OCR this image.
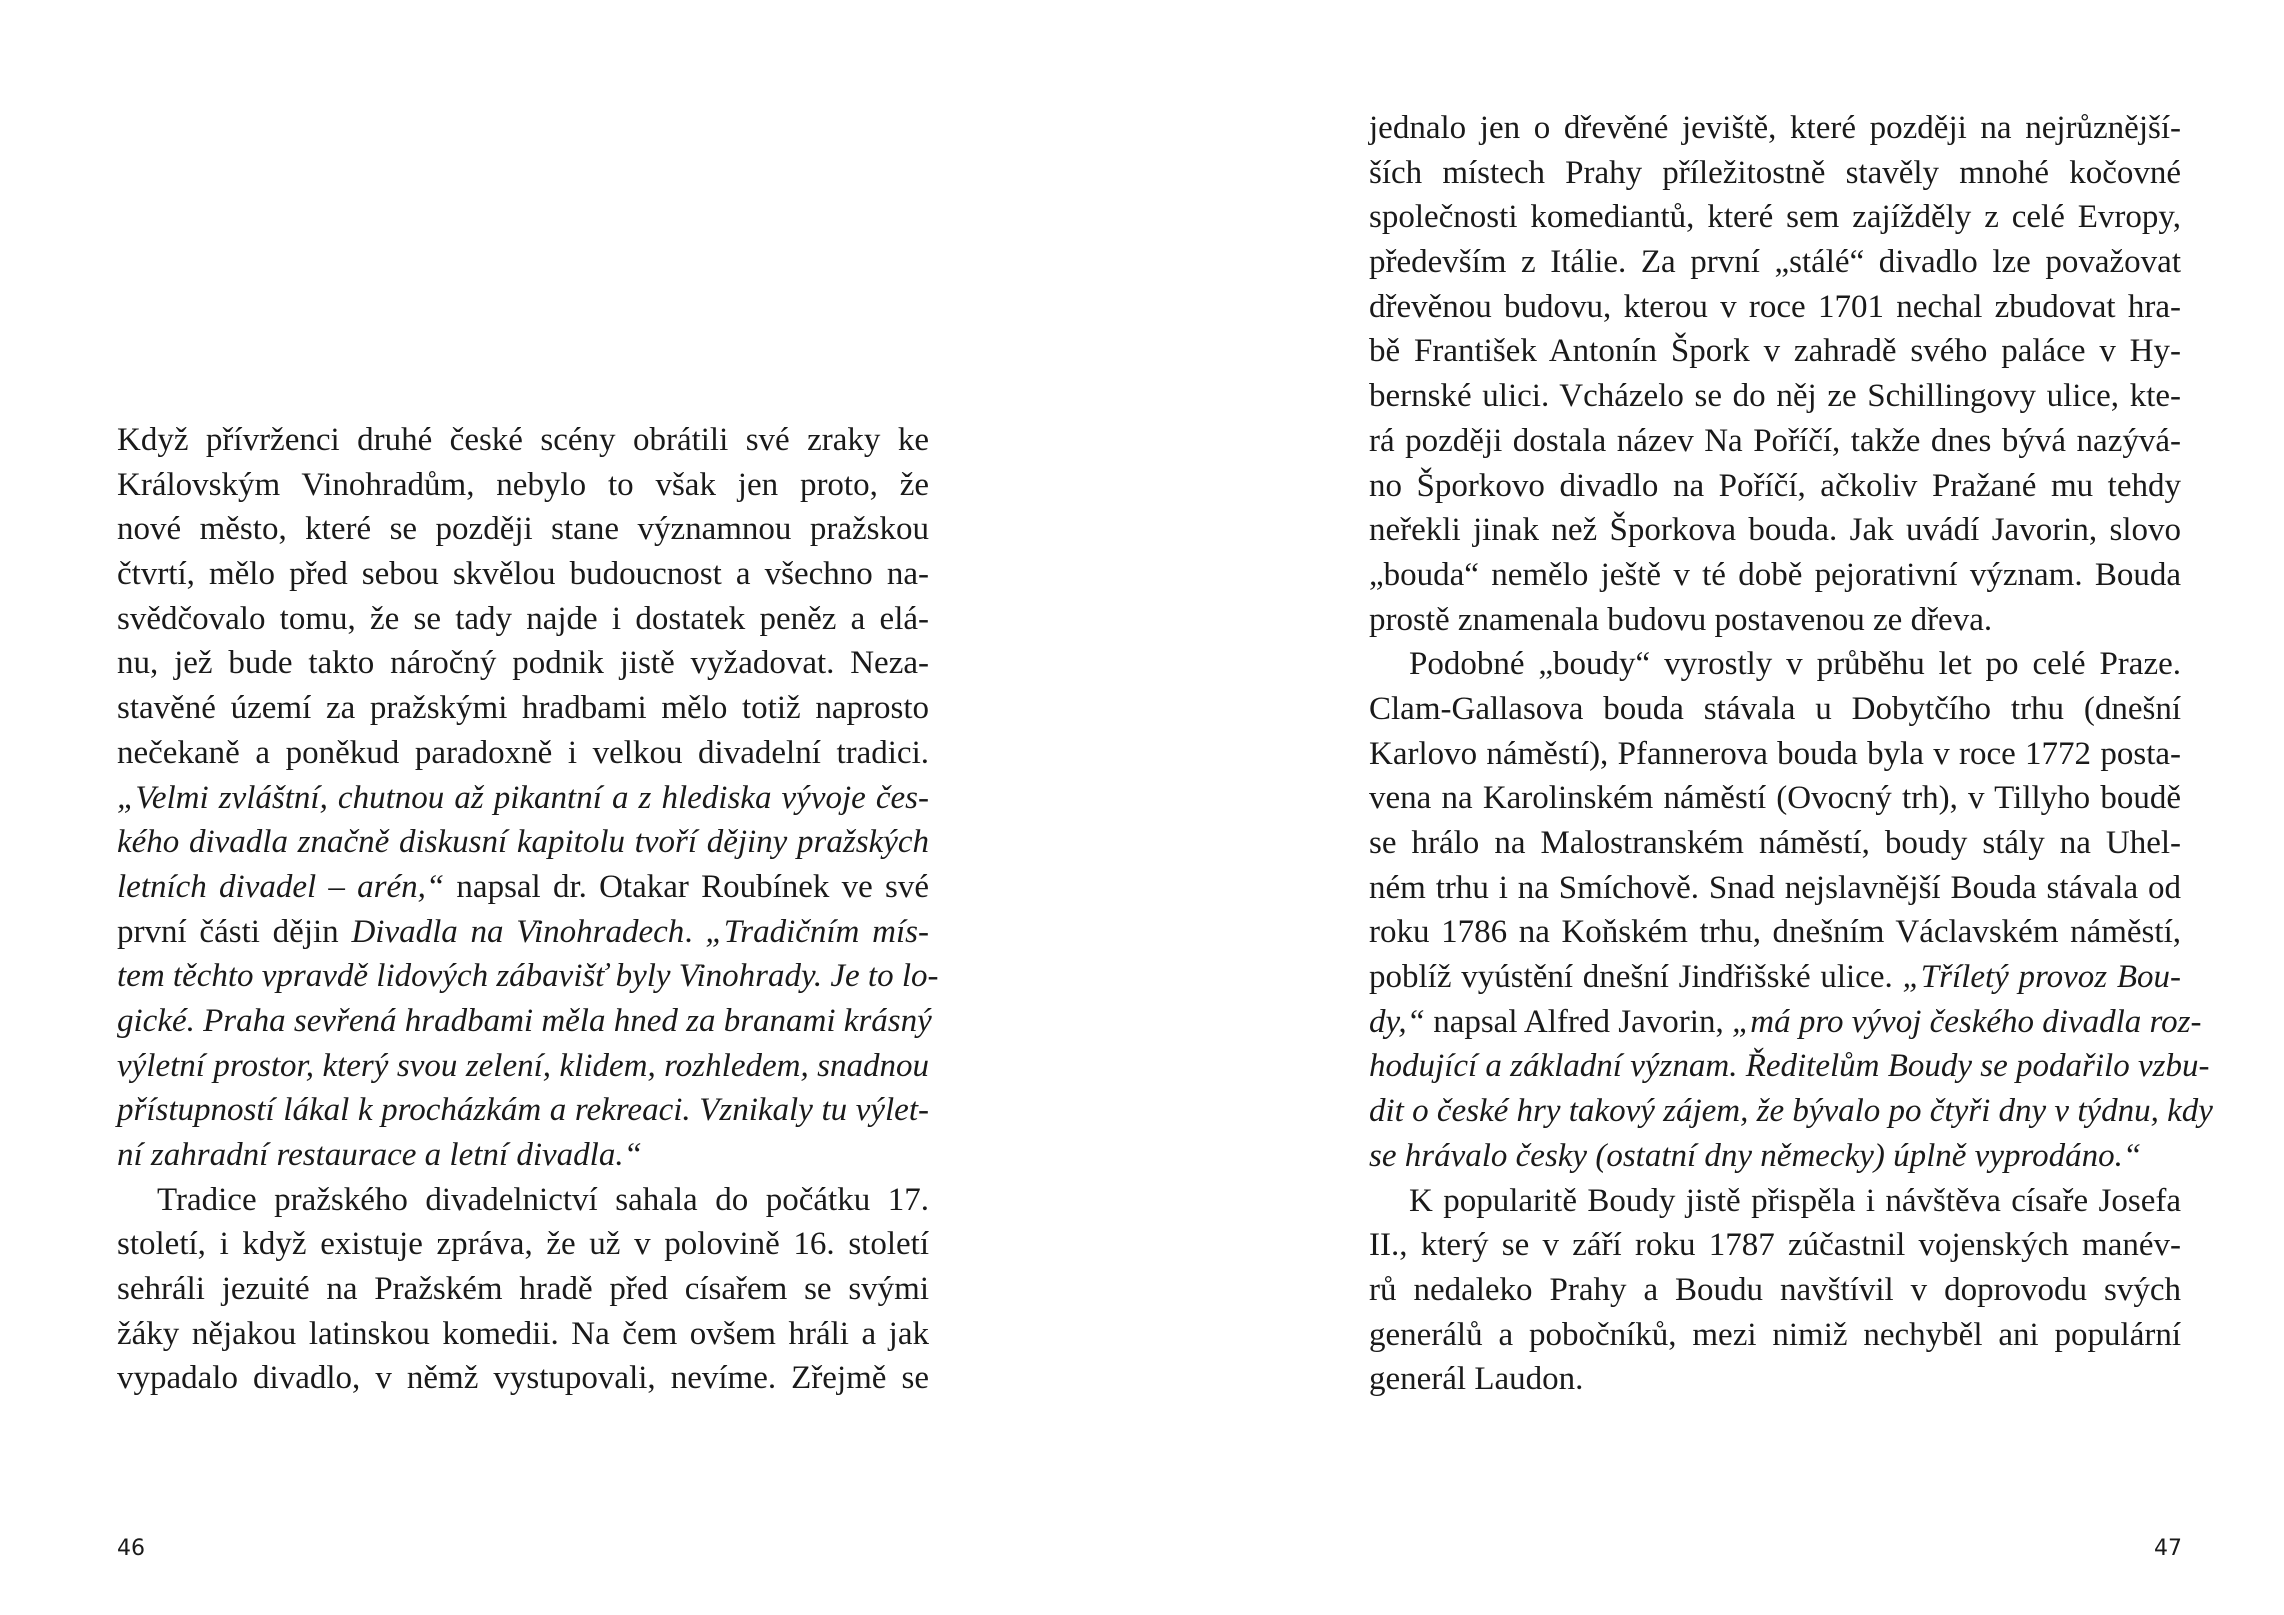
Když přívrženci druhé české scény obrátili své zraky ke
Královským Vinohradům, nebylo to však jen proto, že
nové město, které se později stane významnou pražskou
čtvrtí, mělo před sebou skvělou budoucnost a všechno na-
svědčovalo tomu, že se tady najde i dostatek peněz a elá-
nu, jež bude takto náročný podnik jistě vyžadovat. Neza-
stavěné území za pražskými hradbami mělo totiž naprosto
nečekaně a poněkud paradoxně i velkou divadelní tradici.
„Velmi zvláštní, chutnou až pikantní a z hlediska vývoje čes-
kého divadla značně diskusní kapitolu tvoří dějiny pražských
letních divadel – arén,“ napsal dr. Otakar Roubínek ve své
první části dějin Divadla na Vinohradech. „Tradičním mís-
tem těchto vpravdě lidových zábavišť byly Vinohrady. Je to lo-
gické. Praha sevřená hradbami měla hned za branami krásný
výletní prostor, který svou zelení, klidem, rozhledem, snadnou
přístupností lákal k procházkám a rekreaci. Vznikaly tu výlet-
ní zahradní restaurace a letní divadla.“
Tradice pražského divadelnictví sahala do počátku 17.
století, i když existuje zpráva, že už v polovině 16. století
sehráli jezuité na Pražském hradě před císařem se svými
žáky nějakou latinskou komedii. Na čem ovšem hráli a jak
vypadalo divadlo, v němž vystupovali, nevíme. Zřejmě se
46
jednalo jen o dřevěné jeviště, které později na nejrůznější-
ších místech Prahy příležitostně stavěly mnohé kočovné
společnosti komediantů, které sem zajížděly z celé Evropy,
především z Itálie. Za první „stálé“ divadlo lze považovat
dřevěnou budovu, kterou v roce 1701 nechal zbudovat hra-
bě František Antonín Špork v zahradě svého paláce v Hy-
bernské ulici. Vcházelo se do něj ze Schillingovy ulice, kte-
rá později dostala název Na Poříčí, takže dnes bývá nazývá-
no Šporkovo divadlo na Poříčí, ačkoliv Pražané mu tehdy
neřekli jinak než Šporkova bouda. Jak uvádí Javorin, slovo
„bouda“ nemělo ještě v té době pejorativní význam. Bouda
prostě znamenala budovu postavenou ze dřeva.
Podobné „boudy“ vyrostly v průběhu let po celé Praze.
Clam-Gallasova bouda stávala u Dobytčího trhu (dnešní
Karlovo náměstí), Pfannerova bouda byla v roce 1772 posta-
vena na Karolinském náměstí (Ovocný trh), v Tillyho boudě
se hrálo na Malostranském náměstí, boudy stály na Uhel-
ném trhu i na Smíchově. Snad nejslavnější Bouda stávala od
roku 1786 na Koňském trhu, dnešním Václavském náměstí,
poblíž vyústění dnešní Jindřišské ulice. „Tříletý provoz Bou-
dy,“ napsal Alfred Javorin, „má pro vývoj českého divadla roz-
hodující a základní význam. Ředitelům Boudy se podařilo vzbu-
dit o české hry takový zájem, že bývalo po čtyři dny v týdnu, kdy
se hrávalo česky (ostatní dny německy) úplně vyprodáno.“
K popularitě Boudy jistě přispěla i návštěva císaře Josefa
II., který se v září roku 1787 zúčastnil vojenských manév-
rů nedaleko Prahy a Boudu navštívil v doprovodu svých
generálů a pobočníků, mezi nimiž nechyběl ani populární
generál Laudon.
47
